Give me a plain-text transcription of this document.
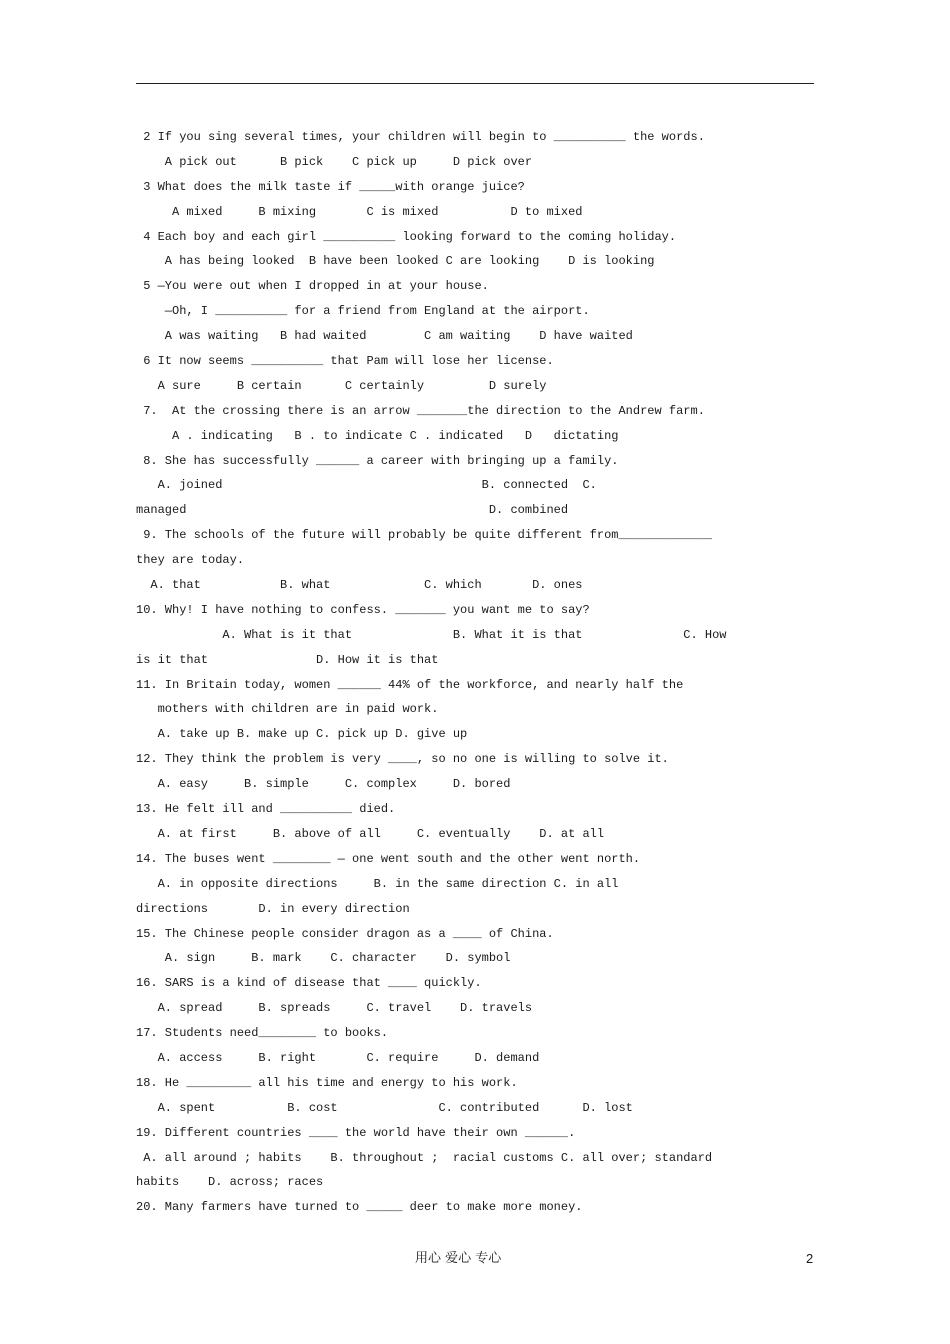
2 If you sing several times, your children will begin to __________ the words.
A pick out      B pick    C pick up     D pick over
3 What does the milk taste if _____with orange juice?
A mixed     B mixing       C is mixed          D to mixed
4 Each boy and each girl __________ looking forward to the coming holiday.
A has being looked  B have been looked C are looking    D is looking
5 —You were out when I dropped in at your house.
—Oh, I __________ for a friend from England at the airport.
A was waiting   B had waited        C am waiting    D have waited
6 It now seems __________ that Pam will lose her license.
A sure     B certain      C certainly         D surely
7.  At the crossing there is an arrow _______the direction to the Andrew farm.
A . indicating   B . to indicate C . indicated   D   dictating
8. She has successfully ______ a career with bringing up a family.
A. joined                                    B. connected  C.
managed                                          D. combined
9. The schools of the future will probably be quite different from_____________
they are today.
A. that           B. what             C. which       D. ones
10. Why! I have nothing to confess. _______ you want me to say?
A. What is it that              B. What it is that              C. How
is it that               D. How it is that
11. In Britain today, women ______ 44% of the workforce, and nearly half the
mothers with children are in paid work.
A. take up B. make up C. pick up D. give up
12. They think the problem is very ____, so no one is willing to solve it.
A. easy     B. simple     C. complex     D. bored
13. He felt ill and __________ died.
A. at first     B. above of all     C. eventually    D. at all
14. The buses went ________ — one went south and the other went north.
A. in opposite directions     B. in the same direction C. in all
directions       D. in every direction
15. The Chinese people consider dragon as a ____ of China.
A. sign     B. mark    C. character    D. symbol
16. SARS is a kind of disease that ____ quickly.
A. spread     B. spreads     C. travel    D. travels
17. Students need________ to books.
A. access     B. right       C. require     D. demand
18. He _________ all his time and energy to his work.
A. spent          B. cost              C. contributed      D. lost
19. Different countries ____ the world have their own ______.
A. all around ; habits    B. throughout ;  racial customs C. all over; standard
habits    D. across; races
20. Many farmers have turned to _____ deer to make more money.
用心 爱心 专心	2
